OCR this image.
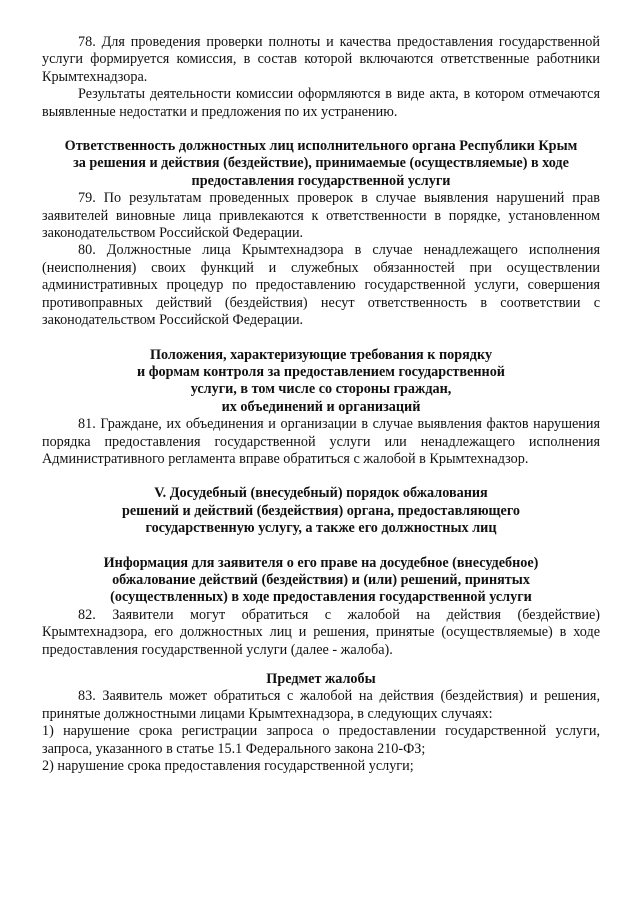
78. Для проведения проверки полноты и качества предоставления государственной услуги формируется комиссия, в состав которой включаются ответственные работники Крымтехнадзора.

Результаты деятельности комиссии оформляются в виде акта, в котором отмечаются выявленные недостатки и предложения по их устранению.

Ответственность должностных лиц исполнительного органа Республики Крым

за решения и действия (бездействие), принимаемые (осуществляемые) в ходе

предоставления государственной услуги

79. По результатам проведенных проверок в случае выявления нарушений прав заявителей виновные лица привлекаются к ответственности в порядке, установленном законодательством Российской Федерации.

80. Должностные лица Крымтехнадзора в случае ненадлежащего исполнения (неисполнения) своих функций и служебных обязанностей при осуществлении административных процедур по предоставлению государственной услуги, совершения противоправных действий (бездействия) несут ответственность в соответствии с законодательством Российской Федерации.

Положения, характеризующие требования к порядку

и формам контроля за предоставлением государственной

услуги, в том числе со стороны граждан,

их объединений и организаций

81. Граждане, их объединения и организации в случае выявления фактов нарушения порядка предоставления государственной услуги или ненадлежащего исполнения Административного регламента вправе обратиться с жалобой в Крымтехнадзор.

V. Досудебный (внесудебный) порядок обжалования

решений и действий (бездействия) органа, предоставляющего

государственную услугу, а также его должностных лиц

Информация для заявителя о его праве на досудебное (внесудебное)

обжалование действий (бездействия) и (или) решений, принятых

(осуществленных) в ходе предоставления государственной услуги

82. Заявители могут обратиться с жалобой на действия (бездействие) Крымтехнадзора, его должностных лиц и решения, принятые (осуществляемые) в ходе предоставления государственной услуги (далее - жалоба).

Предмет жалобы

83. Заявитель может обратиться с жалобой на действия (бездействия) и решения, принятые должностными лицами Крымтехнадзора, в следующих случаях:

1) нарушение срока регистрации запроса о предоставлении государственной услуги, запроса, указанного в статье 15.1 Федерального закона 210-ФЗ;

2) нарушение срока предоставления государственной услуги;
